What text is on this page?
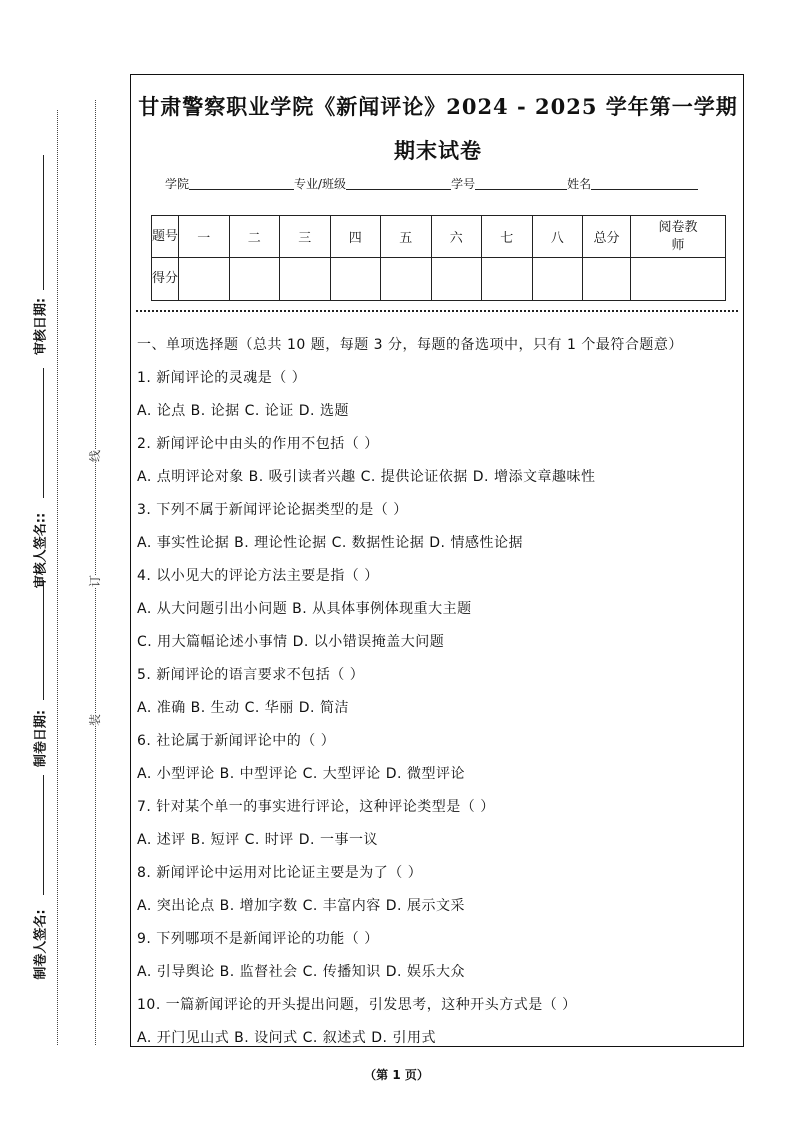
审核日期:
审核人签名::
制卷日期:
制卷人签名:
线
订
装
甘肃警察职业学院《新闻评论》2024 - 2025 学年第一学期期末试卷
学院	专业/班级	学号	姓名
题号	一	二	三	四	五	六	七	八	总分	阅卷教师
得分										
一、单项选择题（总共 10 题，每题 3 分，每题的备选项中，只有 1 个最符合题意）
1. 新闻评论的灵魂是（ ）
A. 论点 B. 论据 C. 论证 D. 选题
2. 新闻评论中由头的作用不包括（ ）
A. 点明评论对象 B. 吸引读者兴趣 C. 提供论证依据 D. 增添文章趣味性
3. 下列不属于新闻评论论据类型的是（ ）
A. 事实性论据 B. 理论性论据 C. 数据性论据 D. 情感性论据
4. 以小见大的评论方法主要是指（ ）
A. 从大问题引出小问题 B. 从具体事例体现重大主题
C. 用大篇幅论述小事情 D. 以小错误掩盖大问题
5. 新闻评论的语言要求不包括（ ）
A. 准确 B. 生动 C. 华丽 D. 简洁
6. 社论属于新闻评论中的（ ）
A. 小型评论 B. 中型评论 C. 大型评论 D. 微型评论
7. 针对某个单一的事实进行评论，这种评论类型是（ ）
A. 述评 B. 短评 C. 时评 D. 一事一议
8. 新闻评论中运用对比论证主要是为了（ ）
A. 突出论点 B. 增加字数 C. 丰富内容 D. 展示文采
9. 下列哪项不是新闻评论的功能（ ）
A. 引导舆论 B. 监督社会 C. 传播知识 D. 娱乐大众
10. 一篇新闻评论的开头提出问题，引发思考，这种开头方式是（ ）
A. 开门见山式 B. 设问式 C. 叙述式 D. 引用式
（第 1 页）
